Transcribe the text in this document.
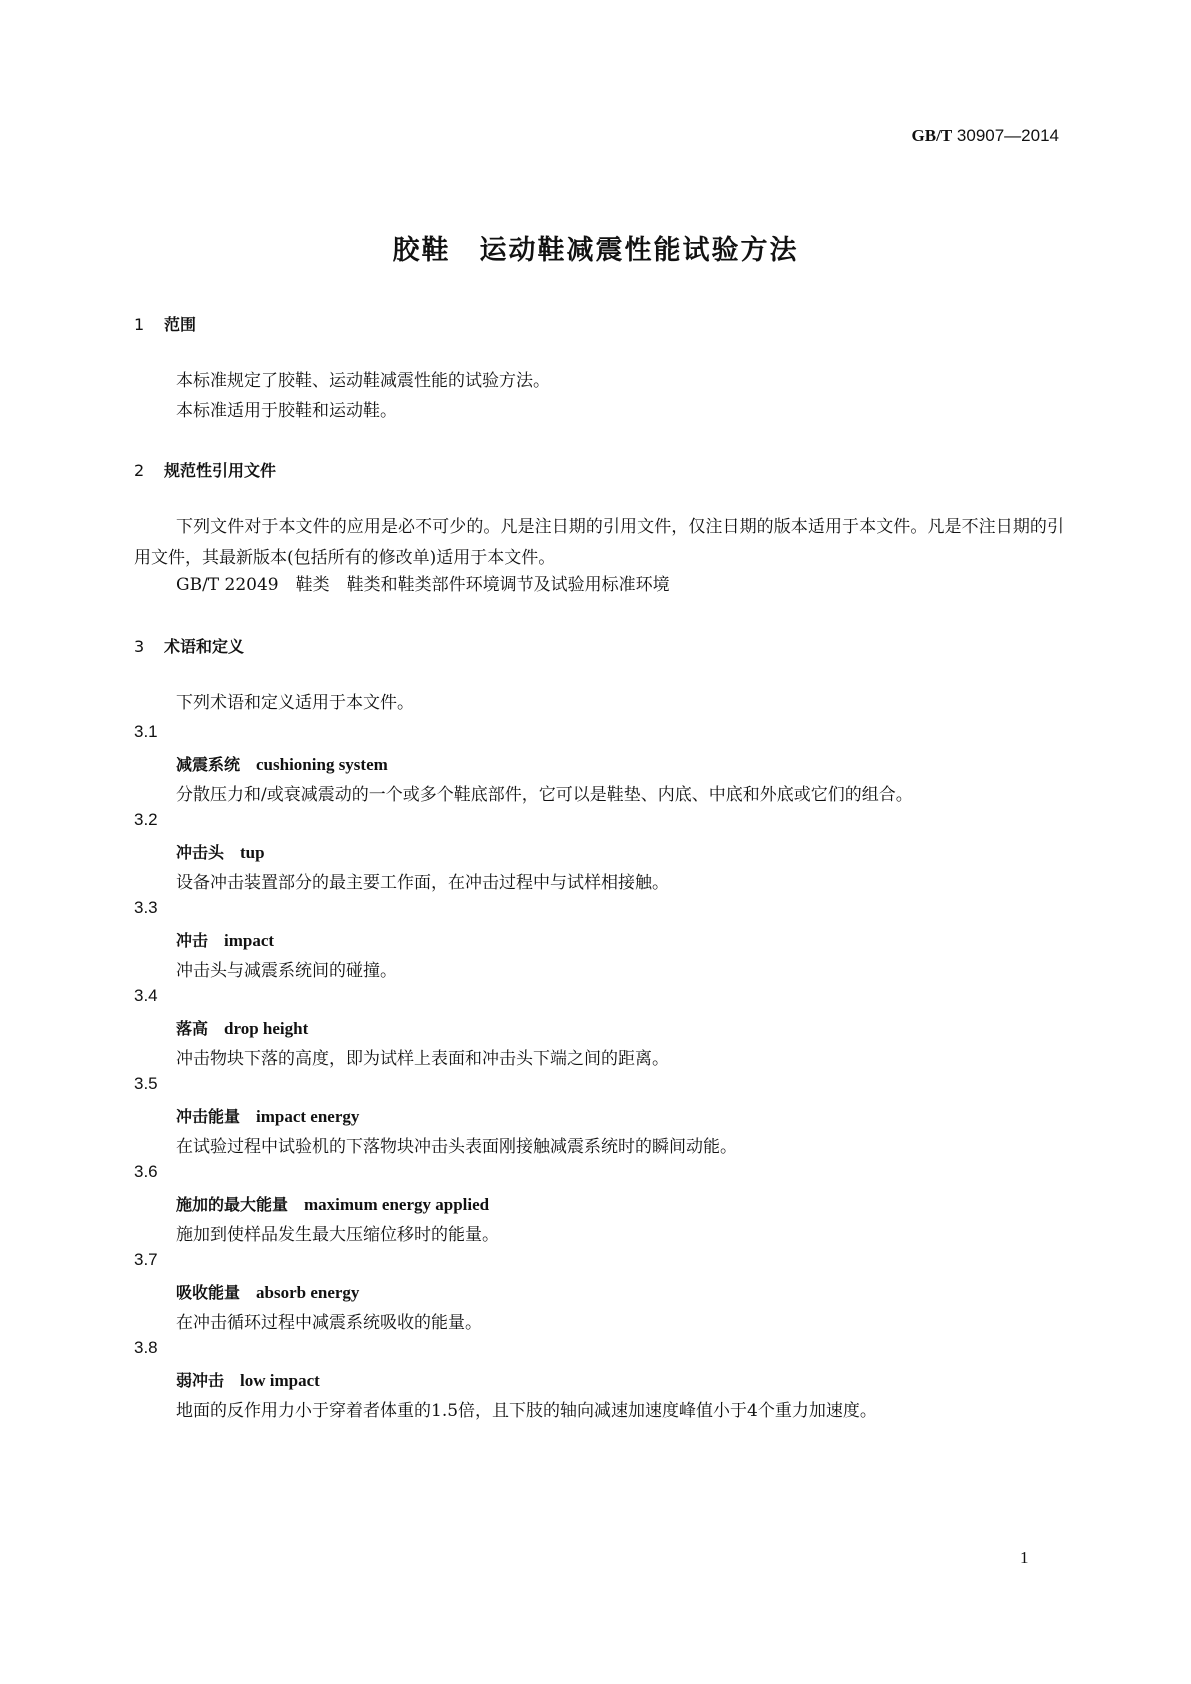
GB/T 30907—2014
胶鞋　运动鞋减震性能试验方法
1 范围
本标准规定了胶鞋、运动鞋减震性能的试验方法。
本标准适用于胶鞋和运动鞋。
2 规范性引用文件
下列文件对于本文件的应用是必不可少的。凡是注日期的引用文件，仅注日期的版本适用于本文件。凡是不注日期的引用文件，其最新版本(包括所有的修改单)适用于本文件。
GB/T 22049　鞋类　鞋类和鞋类部件环境调节及试验用标准环境
3 术语和定义
下列术语和定义适用于本文件。
3.1
减震系统 cushioning system
分散压力和/或衰减震动的一个或多个鞋底部件，它可以是鞋垫、内底、中底和外底或它们的组合。
3.2
冲击头 tup
设备冲击装置部分的最主要工作面，在冲击过程中与试样相接触。
3.3
冲击 impact
冲击头与减震系统间的碰撞。
3.4
落高 drop height
冲击物块下落的高度，即为试样上表面和冲击头下端之间的距离。
3.5
冲击能量 impact energy
在试验过程中试验机的下落物块冲击头表面刚接触减震系统时的瞬间动能。
3.6
施加的最大能量 maximum energy applied
施加到使样品发生最大压缩位移时的能量。
3.7
吸收能量 absorb energy
在冲击循环过程中减震系统吸收的能量。
3.8
弱冲击 low impact
地面的反作用力小于穿着者体重的1.5倍，且下肢的轴向减速加速度峰值小于4个重力加速度。
1
